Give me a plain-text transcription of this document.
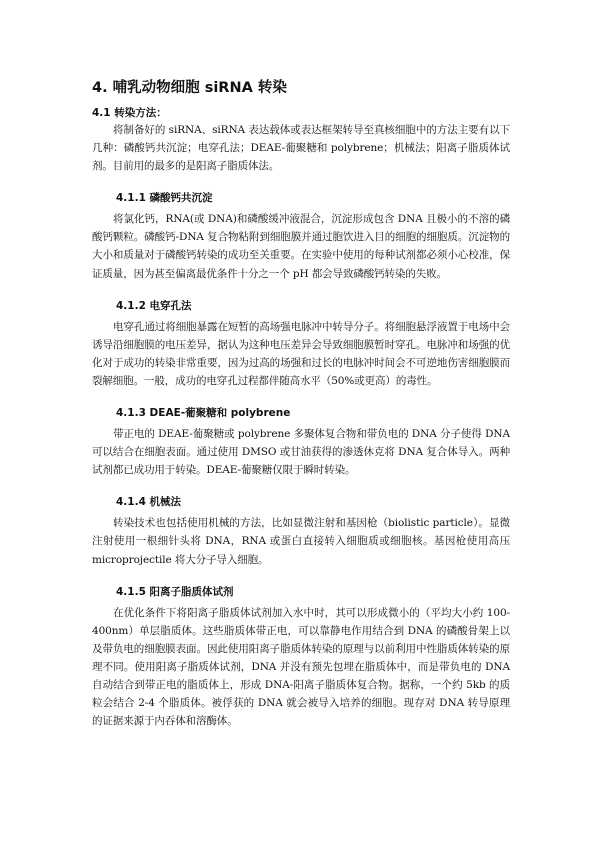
4. 哺乳动物细胞 siRNA 转染
4.1 转染方法：

将制备好的 siRNA、siRNA 表达载体或表达框架转导至真核细胞中的方法主要有以下几种：磷酸钙共沉淀；电穿孔法；DEAE-葡聚糖和 polybrene；机械法；阳离子脂质体试剂。目前用的最多的是阳离子脂质体法。

4.1.1 磷酸钙共沉淀

将氯化钙，RNA(或 DNA)和磷酸缓冲液混合，沉淀形成包含 DNA 且极小的不溶的磷酸钙颗粒。磷酸钙-DNA 复合物粘附到细胞膜并通过胞饮进入目的细胞的细胞质。沉淀物的大小和质量对于磷酸钙转染的成功至关重要。在实验中使用的每种试剂都必须小心校准，保证质量，因为甚至偏离最优条件十分之一个 pH 都会导致磷酸钙转染的失败。

4.1.2 电穿孔法

电穿孔通过将细胞暴露在短暂的高场强电脉冲中转导分子。将细胞悬浮液置于电场中会诱导沿细胞膜的电压差异，据认为这种电压差异会导致细胞膜暂时穿孔。电脉冲和场强的优化对于成功的转染非常重要，因为过高的场强和过长的电脉冲时间会不可逆地伤害细胞膜而裂解细胞。一般，成功的电穿孔过程都伴随高水平（50%或更高）的毒性。

4.1.3 DEAE-葡聚糖和 polybrene

带正电的 DEAE-葡聚糖或 polybrene 多聚体复合物和带负电的 DNA 分子使得 DNA 可以结合在细胞表面。通过使用 DMSO 或甘油获得的渗透休克将 DNA 复合体导入。两种试剂都已成功用于转染。DEAE-葡聚糖仅限于瞬时转染。

4.1.4 机械法

转染技术也包括使用机械的方法，比如显微注射和基因枪（biolistic particle）。显微注射使用一根细针头将 DNA，RNA 或蛋白直接转入细胞质或细胞核。基因枪使用高压 microprojectile 将大分子导入细胞。

4.1.5 阳离子脂质体试剂

在优化条件下将阳离子脂质体试剂加入水中时，其可以形成微小的（平均大小约 100-400nm）单层脂质体。这些脂质体带正电，可以靠静电作用结合到 DNA 的磷酸骨架上以及带负电的细胞膜表面。因此使用阳离子脂质体转染的原理与以前利用中性脂质体转染的原理不同。使用阳离子脂质体试剂，DNA 并没有预先包埋在脂质体中，而是带负电的 DNA 自动结合到带正电的脂质体上，形成 DNA-阳离子脂质体复合物。据称，一个约 5kb 的质粒会结合 2-4 个脂质体。被俘获的 DNA 就会被导入培养的细胞。现存对 DNA 转导原理的证据来源于内吞体和溶酶体。
